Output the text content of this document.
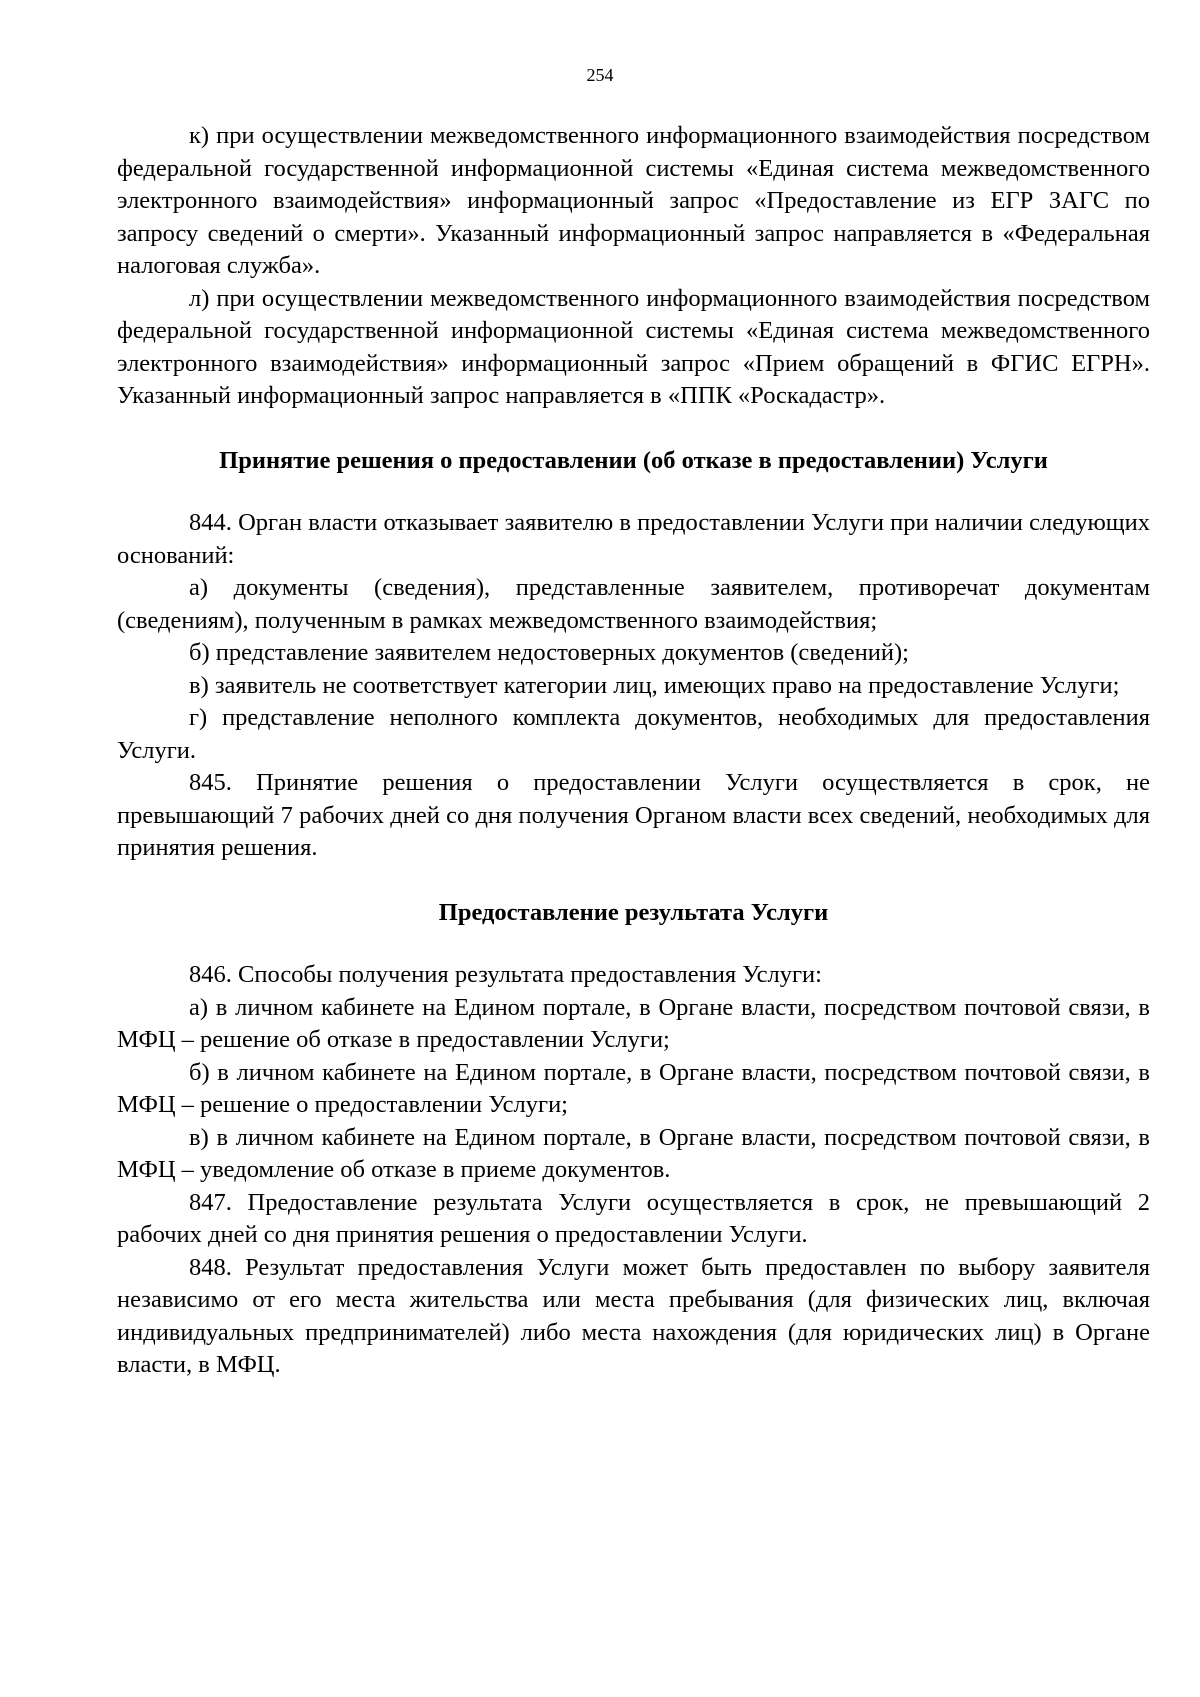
254

к) при осуществлении межведомственного информационного взаимодействия посредством федеральной государственной информационной системы «Единая система межведомственного электронного взаимодействия» информационный запрос «Предоставление из ЕГР ЗАГС по запросу сведений о смерти». Указанный информационный запрос направляется в «Федеральная налоговая служба».

л) при осуществлении межведомственного информационного взаимодействия посредством федеральной государственной информационной системы «Единая система межведомственного электронного взаимодействия» информационный запрос «Прием обращений в ФГИС ЕГРН». Указанный информационный запрос направляется в «ППК «Роскадастр».

Принятие решения о предоставлении (об отказе в предоставлении) Услуги

844. Орган власти отказывает заявителю в предоставлении Услуги при наличии следующих оснований:

а) документы (сведения), представленные заявителем, противоречат документам (сведениям), полученным в рамках межведомственного взаимодействия;

б) представление заявителем недостоверных документов (сведений);

в) заявитель не соответствует категории лиц, имеющих право на предоставление Услуги;

г) представление неполного комплекта документов, необходимых для предоставления Услуги.

845. Принятие решения о предоставлении Услуги осуществляется в срок, не превышающий 7 рабочих дней со дня получения Органом власти всех сведений, необходимых для принятия решения.

Предоставление результата Услуги

846. Способы получения результата предоставления Услуги:

а) в личном кабинете на Едином портале, в Органе власти, посредством почтовой связи, в МФЦ – решение об отказе в предоставлении Услуги;

б) в личном кабинете на Едином портале, в Органе власти, посредством почтовой связи, в МФЦ – решение о предоставлении Услуги;

в) в личном кабинете на Едином портале, в Органе власти, посредством почтовой связи, в МФЦ – уведомление об отказе в приеме документов.

847. Предоставление результата Услуги осуществляется в срок, не превышающий 2 рабочих дней со дня принятия решения о предоставлении Услуги.

848. Результат предоставления Услуги может быть предоставлен по выбору заявителя независимо от его места жительства или места пребывания (для физических лиц, включая индивидуальных предпринимателей) либо места нахождения (для юридических лиц) в Органе власти, в МФЦ.
